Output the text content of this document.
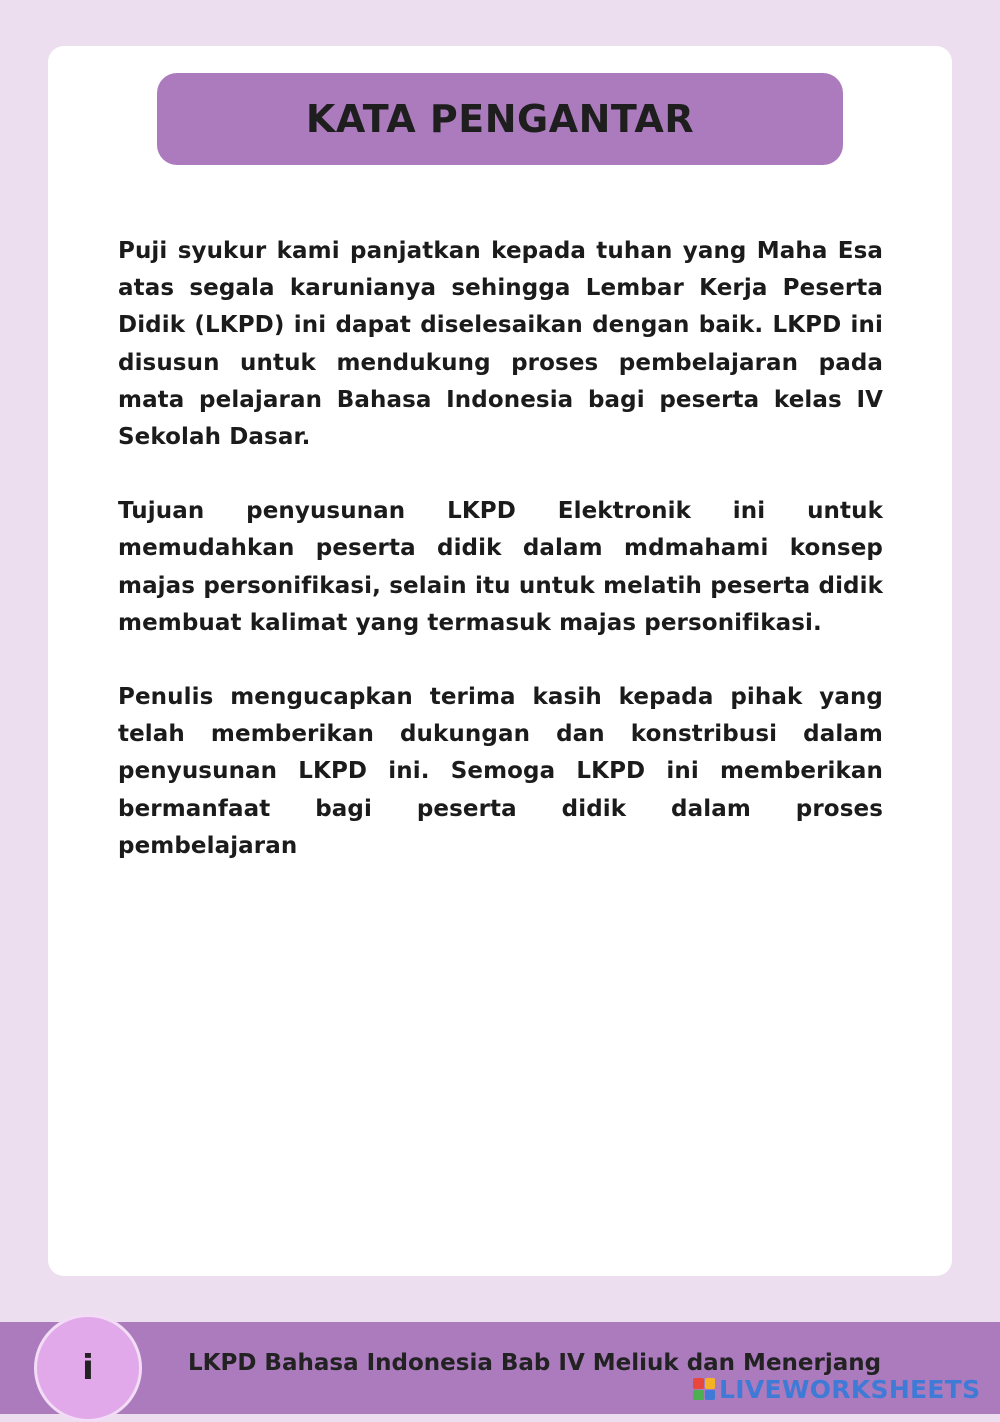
KATA PENGANTAR

Puji syukur kami panjatkan kepada tuhan yang Maha Esa atas segala karunianya sehingga Lembar Kerja Peserta Didik (LKPD) ini dapat diselesaikan dengan baik. LKPD ini disusun untuk mendukung proses pembelajaran pada mata pelajaran Bahasa Indonesia bagi peserta kelas IV Sekolah Dasar.

Tujuan penyusunan LKPD Elektronik ini untuk memudahkan peserta didik dalam mdmahami konsep majas personifikasi, selain itu untuk melatih peserta didik membuat kalimat yang termasuk majas personifikasi.

Penulis mengucapkan terima kasih kepada pihak yang telah memberikan dukungan dan konstribusi dalam penyusunan LKPD ini. Semoga LKPD ini memberikan bermanfaat bagi peserta didik dalam proses pembelajaran

i	LKPD Bahasa Indonesia Bab IV Meliuk dan Menerjang
LIVEWORKSHEETS
